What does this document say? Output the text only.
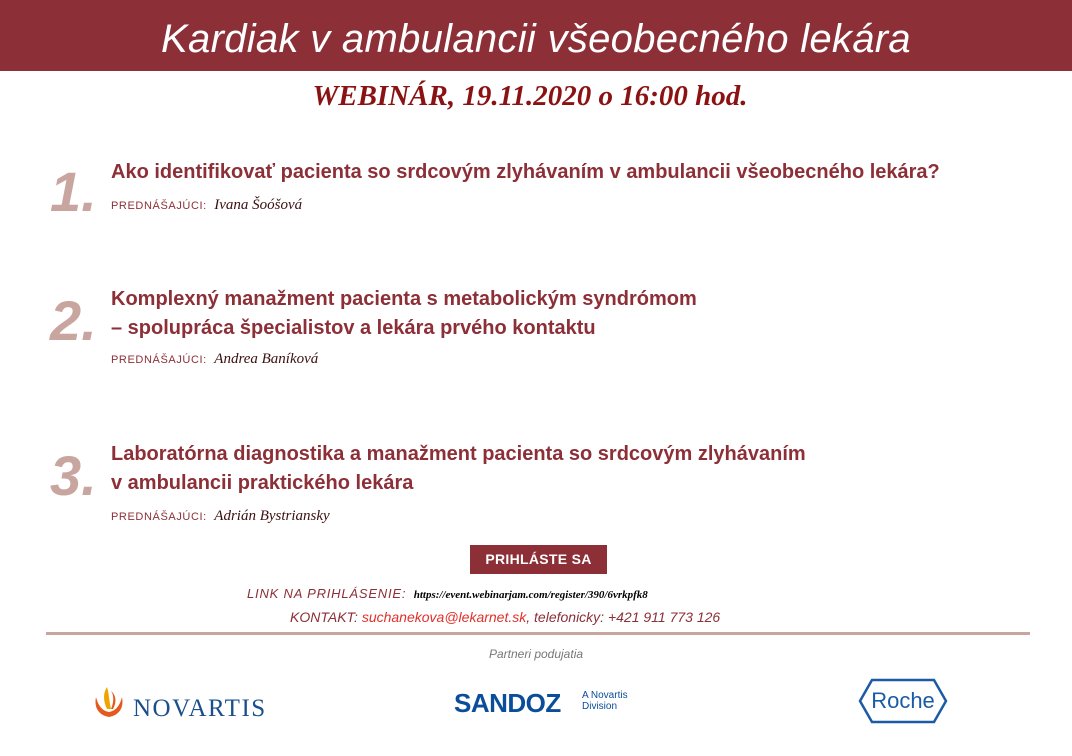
Kardiak v ambulancii všeobecného lekára
WEBINÁR, 19.11.2020 o 16:00 hod.
1. Ako identifikovať pacienta so srdcovým zlyhávaním v ambulancii všeobecného lekára?
PREDNÁŠAJÚCI: Ivana Šoóšová
2. Komplexný manažment pacienta s metabolickým syndrómom
– spolupráca špecialistov a lekára prvého kontaktu
PREDNÁŠAJÚCI: Andrea Baníková
3. Laboratórna diagnostika a manažment pacienta so srdcovým zlyhávaním
v ambulancii praktického lekára
PREDNÁŠAJÚCI: Adrián Bystriansky
PRIHLÁSTE SA
LINK NA PRIHLÁSENIE: https://event.webinarjam.com/register/390/6vrkpfk8
KONTAKT: suchanekova@lekarnet.sk, telefonicky: +421 911 773 126
Partneri podujatia
NOVARTIS	SANDOZ A Novartis
Division	Roche
